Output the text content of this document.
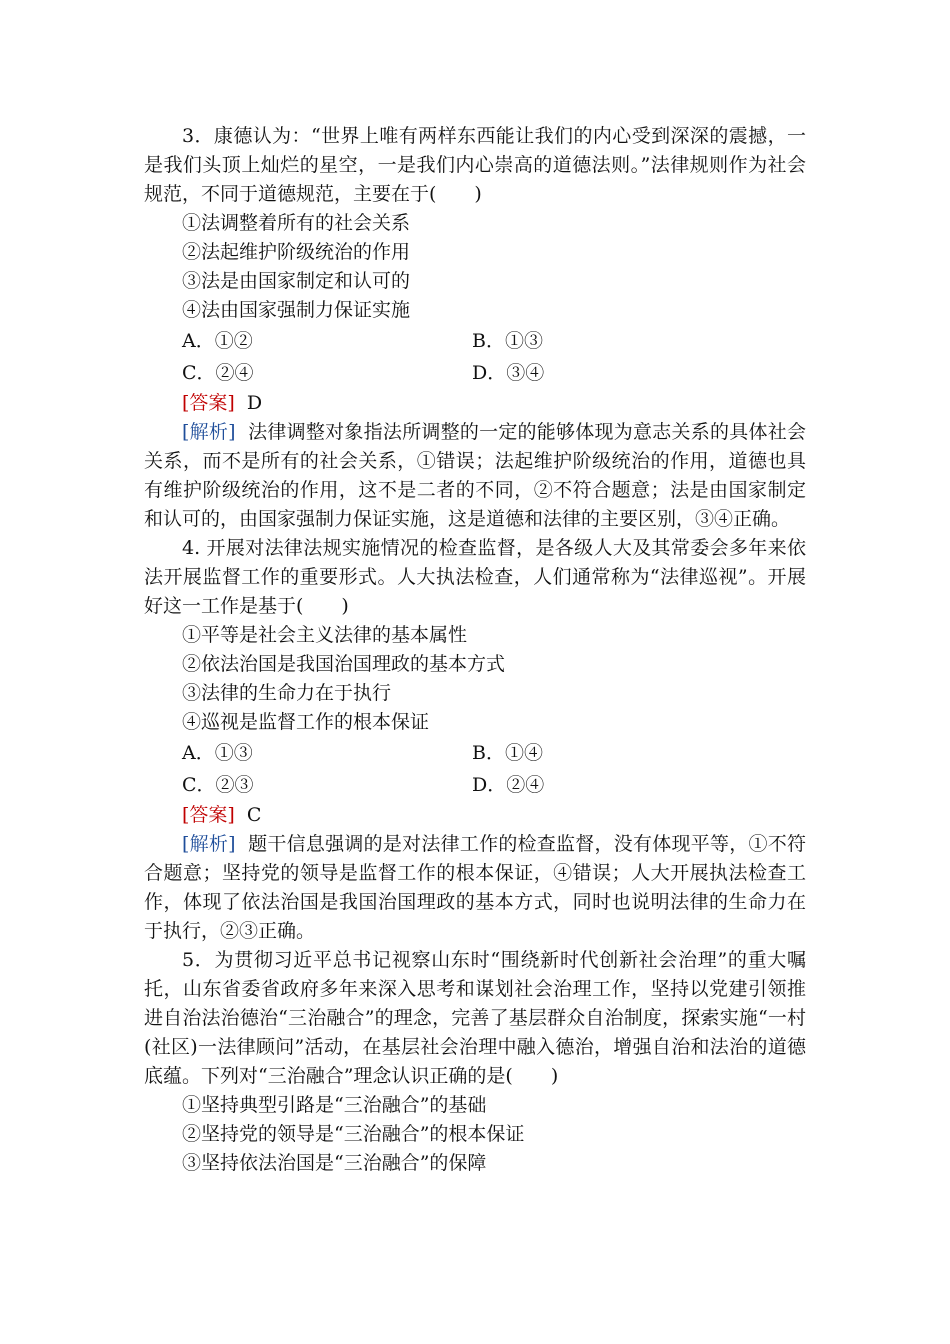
3．康德认为：“世界上唯有两样东西能让我们的内心受到深深的震撼，一是我们头顶上灿烂的星空，一是我们内心崇高的道德法则。”法律规则作为社会规范，不同于道德规范，主要在于(　　)

①法调整着所有的社会关系

②法起维护阶级统治的作用

③法是由国家制定和认可的

④法由国家强制力保证实施

A．①②	B．①③
C．②④	D．③④

[答案] D

[解析] 法律调整对象指法所调整的一定的能够体现为意志关系的具体社会关系，而不是所有的社会关系，①错误；法起维护阶级统治的作用，道德也具有维护阶级统治的作用，这不是二者的不同，②不符合题意；法是由国家制定和认可的，由国家强制力保证实施，这是道德和法律的主要区别，③④正确。

4. 开展对法律法规实施情况的检查监督，是各级人大及其常委会多年来依法开展监督工作的重要形式。人大执法检查，人们通常称为“法律巡视”。开展好这一工作是基于(　　)

①平等是社会主义法律的基本属性

②依法治国是我国治国理政的基本方式

③法律的生命力在于执行

④巡视是监督工作的根本保证

A．①③	B．①④
C．②③	D．②④

[答案] C

[解析] 题干信息强调的是对法律工作的检查监督，没有体现平等，①不符合题意；坚持党的领导是监督工作的根本保证，④错误；人大开展执法检查工作，体现了依法治国是我国治国理政的基本方式，同时也说明法律的生命力在于执行，②③正确。

5．为贯彻习近平总书记视察山东时“围绕新时代创新社会治理”的重大嘱托，山东省委省政府多年来深入思考和谋划社会治理工作，坚持以党建引领推进自治法治德治“三治融合”的理念，完善了基层群众自治制度，探索实施“一村(社区)一法律顾问”活动，在基层社会治理中融入德治，增强自治和法治的道德底蕴。下列对“三治融合”理念认识正确的是(　　)

①坚持典型引路是“三治融合”的基础

②坚持党的领导是“三治融合”的根本保证

③坚持依法治国是“三治融合”的保障
